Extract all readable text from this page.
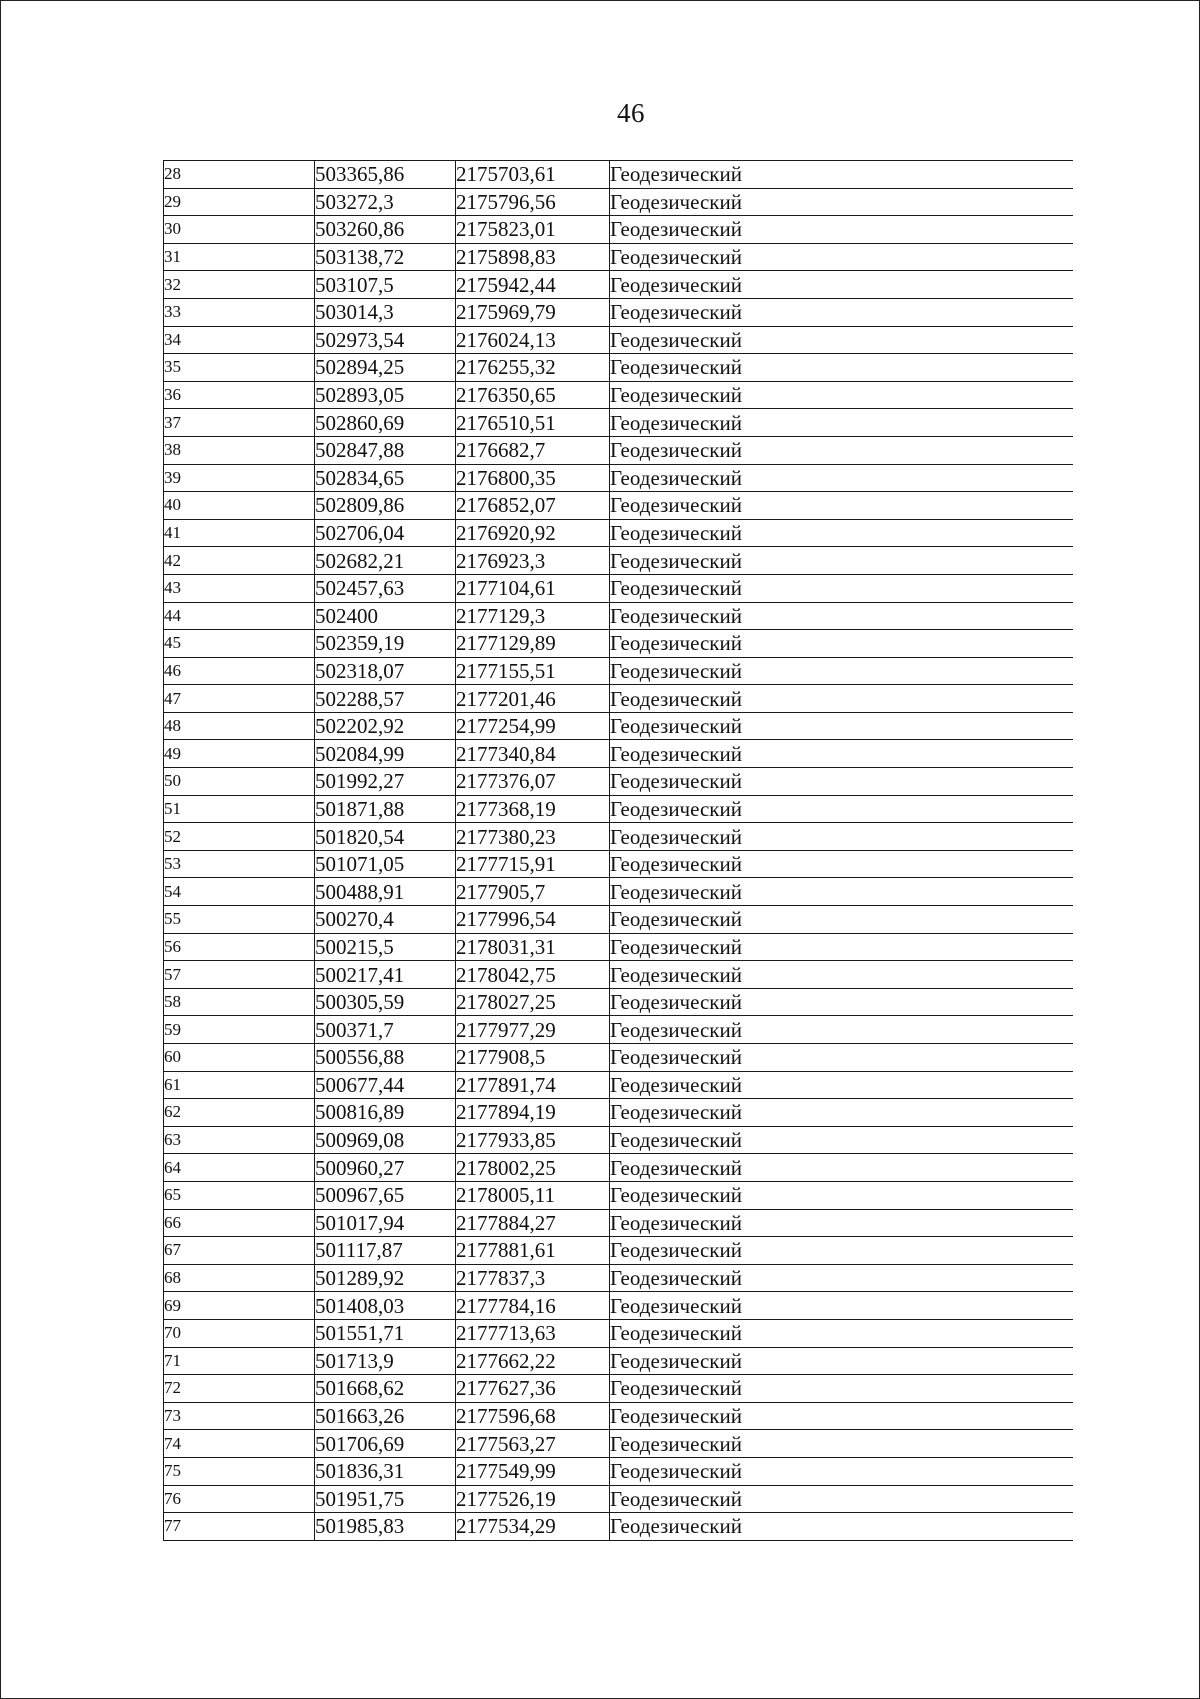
46
28	503365,86	2175703,61	Геодезический
29	503272,3	2175796,56	Геодезический
30	503260,86	2175823,01	Геодезический
31	503138,72	2175898,83	Геодезический
32	503107,5	2175942,44	Геодезический
33	503014,3	2175969,79	Геодезический
34	502973,54	2176024,13	Геодезический
35	502894,25	2176255,32	Геодезический
36	502893,05	2176350,65	Геодезический
37	502860,69	2176510,51	Геодезический
38	502847,88	2176682,7	Геодезический
39	502834,65	2176800,35	Геодезический
40	502809,86	2176852,07	Геодезический
41	502706,04	2176920,92	Геодезический
42	502682,21	2176923,3	Геодезический
43	502457,63	2177104,61	Геодезический
44	502400	2177129,3	Геодезический
45	502359,19	2177129,89	Геодезический
46	502318,07	2177155,51	Геодезический
47	502288,57	2177201,46	Геодезический
48	502202,92	2177254,99	Геодезический
49	502084,99	2177340,84	Геодезический
50	501992,27	2177376,07	Геодезический
51	501871,88	2177368,19	Геодезический
52	501820,54	2177380,23	Геодезический
53	501071,05	2177715,91	Геодезический
54	500488,91	2177905,7	Геодезический
55	500270,4	2177996,54	Геодезический
56	500215,5	2178031,31	Геодезический
57	500217,41	2178042,75	Геодезический
58	500305,59	2178027,25	Геодезический
59	500371,7	2177977,29	Геодезический
60	500556,88	2177908,5	Геодезический
61	500677,44	2177891,74	Геодезический
62	500816,89	2177894,19	Геодезический
63	500969,08	2177933,85	Геодезический
64	500960,27	2178002,25	Геодезический
65	500967,65	2178005,11	Геодезический
66	501017,94	2177884,27	Геодезический
67	501117,87	2177881,61	Геодезический
68	501289,92	2177837,3	Геодезический
69	501408,03	2177784,16	Геодезический
70	501551,71	2177713,63	Геодезический
71	501713,9	2177662,22	Геодезический
72	501668,62	2177627,36	Геодезический
73	501663,26	2177596,68	Геодезический
74	501706,69	2177563,27	Геодезический
75	501836,31	2177549,99	Геодезический
76	501951,75	2177526,19	Геодезический
77	501985,83	2177534,29	Геодезический
